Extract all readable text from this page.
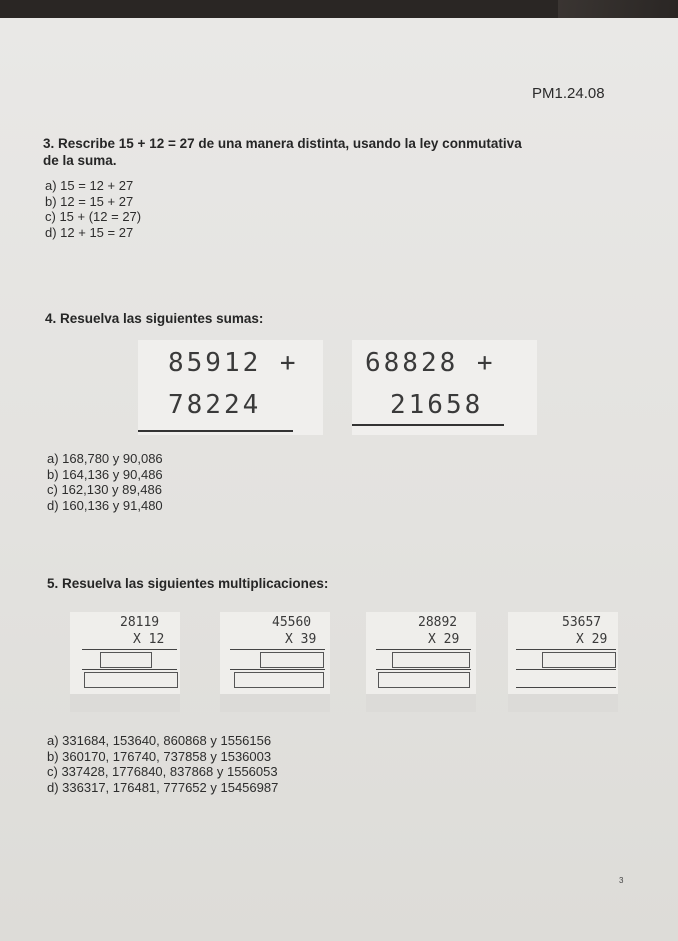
PM1.24.08
3. Rescribe 15 + 12 = 27 de una manera distinta, usando la ley conmutativa
de la suma.
a) 15 = 12 + 27
b) 12 = 15 + 27
c) 15 + (12 = 27)
d) 12 + 15 = 27
4. Resuelva las siguientes sumas:
85912 +
78224
68828 +
21658
a) 168,780 y 90,086
b) 164,136 y 90,486
c) 162,130 y 89,486
d) 160,136 y 91,480
5. Resuelva las siguientes multiplicaciones:
28119
X 12
45560
X 39
28892
X 29
53657
X 29
a) 331684, 153640, 860868 y 1556156
b) 360170, 176740, 737858 y 1536003
c) 337428, 1776840, 837868 y 1556053
d) 336317, 176481, 777652 y 15456987
3
